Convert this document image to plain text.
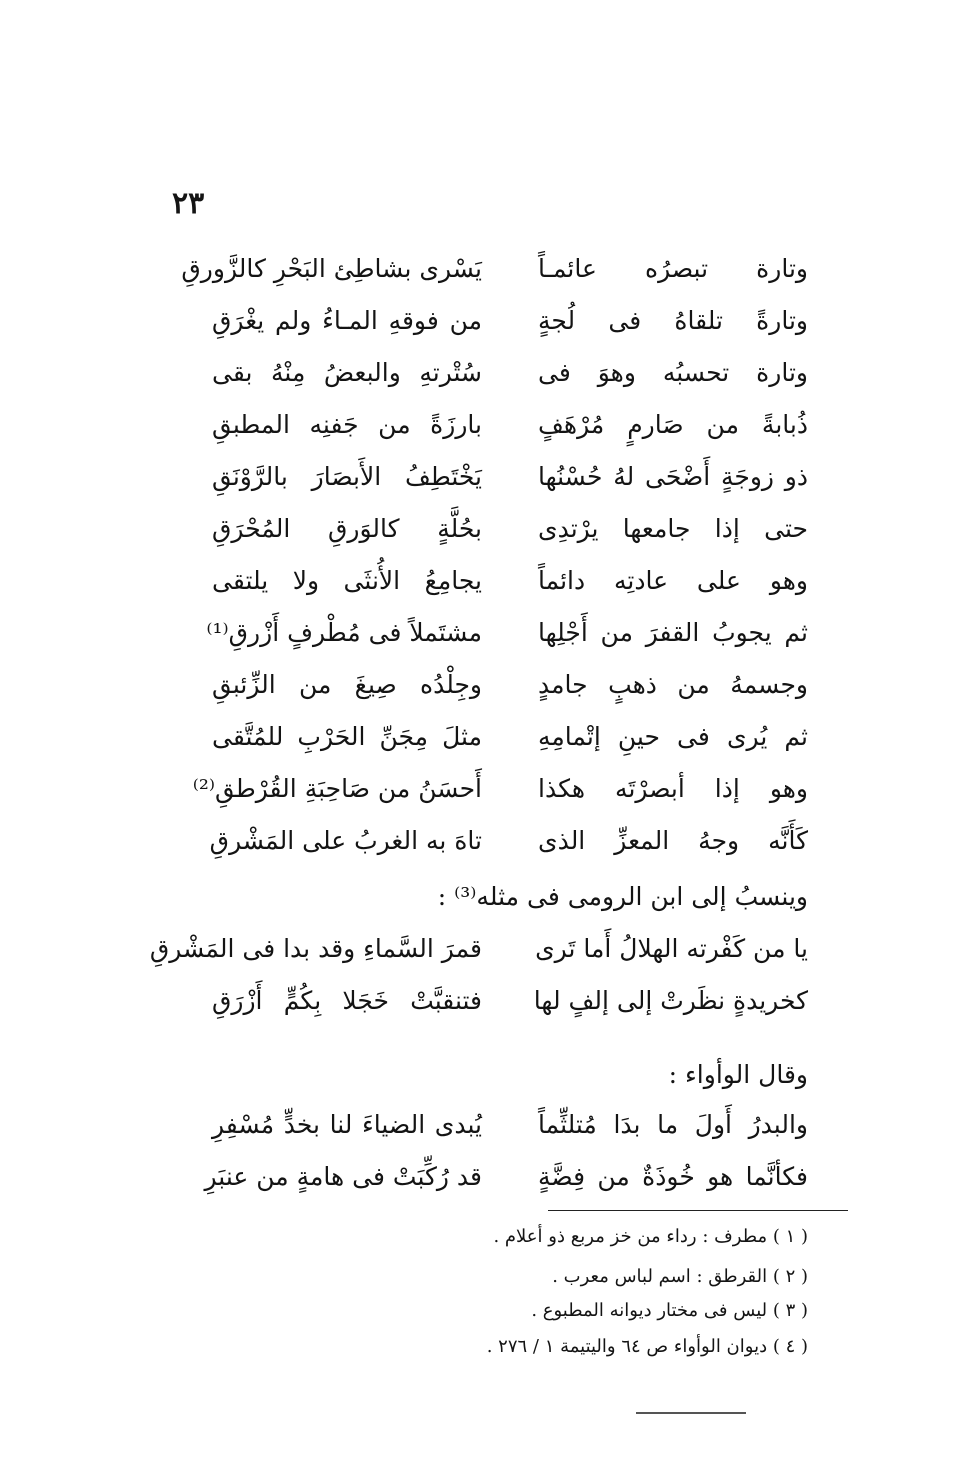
٢٣
وتارة تبصرُه عائمـاً
يَسْرى بشاطِئ البَحْرِ كالزَّورقِ
وتارةً تلقاهُ فى لُجةٍ
من فوقهِ المـاءُ ولم يغْرَقِ
وتارة تحسبُه وهوَ فى
سُتْرتهِ والبعضُ مِنْهُ بقى
ذُبابةً من صَارمٍ مُرْهَفٍ
بارزَةً من جَفنِه المطبقِ
ذو زوجَةٍ أَضْحَى لهُ حُسْنُها
يَخْتَطِفُ الأَبصَارَ بالرَّوْنَقِ
حتى إذا جامعها يرْتدِى
بحُلَّةٍ كالوَرقِ المُحْرَقِ
وهو على عادتِه دائماً
يجامِعُ الأُنثَى ولا يلتقى
ثم يجوبُ القفرَ من أَجْلِها
مشتَملاً فى مُطْرفٍ أَزْرقِ⁽¹⁾
وجسمهُ من ذهبٍ جامدٍ
وجِلْدُه صِيغَ من الزِّئبقِ
ثم يُرى فى حينِ إتْمامِهِ
مثلَ مِجَنِّ الحَرْبِ للمُتَّقى
وهو إذا أبصرْتَه هكذا
أَحسَنُ من صَاحِبَةِ القُرْطقِ⁽²⁾
كَأَنَّه وجهُ المعزِّ الذى
تاهَ به الغربُ على المَشْرقِ
وينسبُ إلى ابن الرومى فى مثله⁽³⁾ :
يا من كَفْرته الهلالُ أَما تَرى
قمرَ السَّماءِ وقد بدا فى المَشْرقِ
كخريدةٍ نظَرتْ إلى إلفٍ لها
فتنقبَّتْ خَجَلا بِكُمٍّ أَزْرَقِ
وقال الوأواء :
والبدرُ أَولَ ما بدَا مُتلثِّماً
يُبدى الضياءَ لنا بخدٍّ مُسْفِرِ
فكأنَّما هو خُوذَةٌ من فِضَّةٍ
قد رُكِّبَتْ فى هامةٍ من عنبَرِ
( ١ ) مطرف : رداء من خز مربع ذو أعلام .
( ٢ ) القرطق : اسم لباس معرب .
( ٣ ) ليس فى مختار ديوانه المطبوع .
( ٤ ) ديوان الوأواء ص ٦٤ واليتيمة ١ / ٢٧٦ .
